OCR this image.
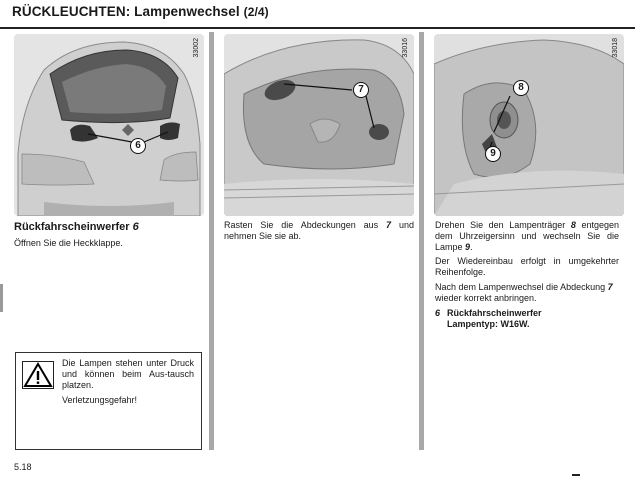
RÜCKLEUCHTEN: Lampenwechsel (2/4)
6
33002
Rückfahrscheinwerfer 6
Öffnen Sie die Heckklappe.
Die Lampen stehen unter Druck und können beim Aus-tausch platzen.
Verletzungsgefahr!
7
33016
Rasten Sie die Abdeckungen aus 7 und nehmen Sie sie ab.
8
9
33018
Drehen Sie den Lampenträger 8 entgegen dem Uhrzeigersinn und wechseln Sie die Lampe 9.
Der Wiedereinbau erfolgt in umgekehrter Reihenfolge.
Nach dem Lampenwechsel die Abdeckung 7 wieder korrekt anbringen.
6 Rückfahrscheinwerfer

Lampentyp: W16W.
5.18
